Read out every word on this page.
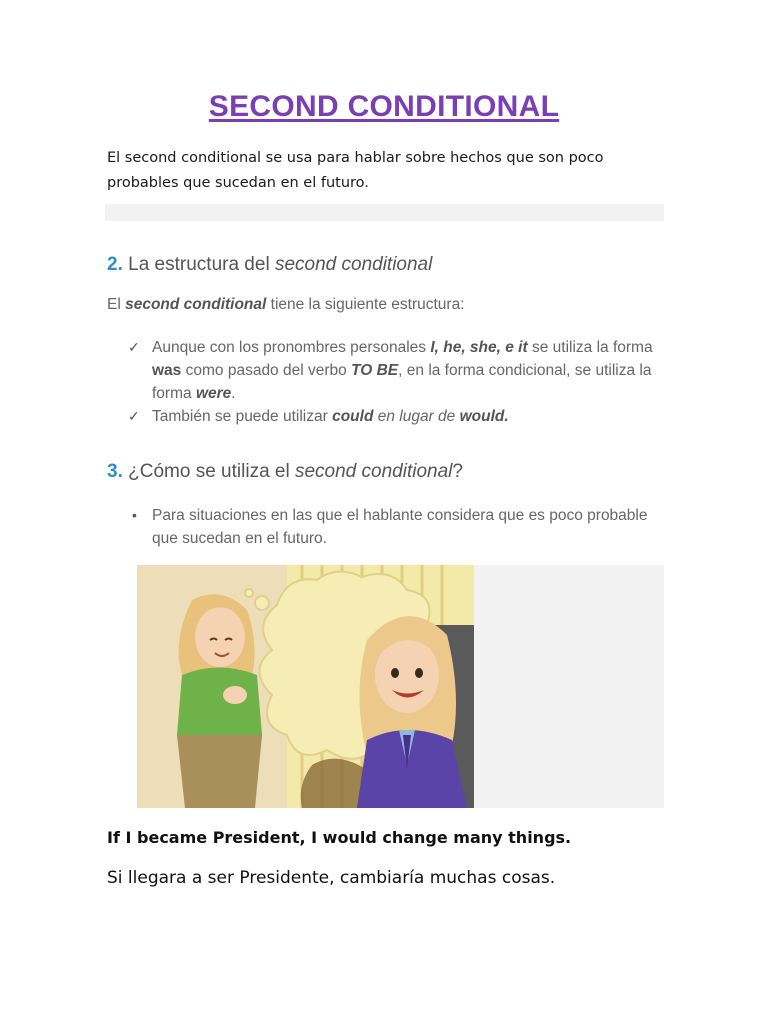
SECOND CONDITIONAL
El second conditional se usa para hablar sobre hechos que son poco probables que sucedan en el futuro.
2. La estructura del second conditional
El second conditional tiene la siguiente estructura:
✓ Aunque con los pronombres personales I, he, she, e it se utiliza la forma was como pasado del verbo TO BE, en la forma condicional, se utiliza la forma were.
✓ También se puede utilizar could en lugar de would.
3. ¿Cómo se utiliza el second conditional?
• Para situaciones en las que el hablante considera que es poco probable que sucedan en el futuro.
If I became President, I would change many things.
Si llegara a ser Presidente, cambiaría muchas cosas.
